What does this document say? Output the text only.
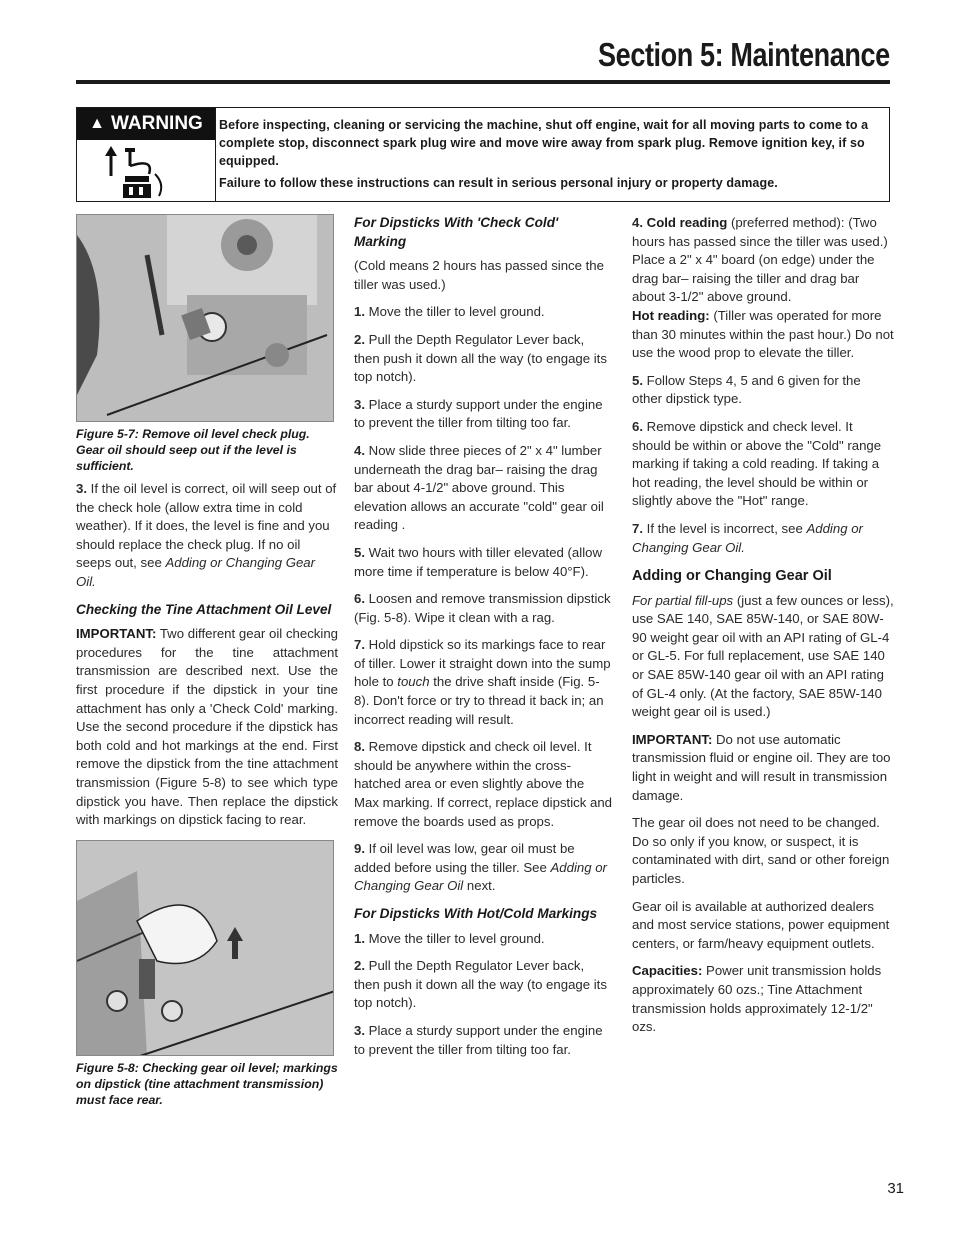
Section 5: Maintenance
▲ WARNING Before inspecting, cleaning or servicing the machine, shut off engine, wait for all moving parts to come to a complete stop, disconnect spark plug wire and move wire away from spark plug. Remove ignition key, if so equipped.

Failure to follow these instructions can result in serious personal injury or property damage.

Figure 5-7: Remove oil level check plug. Gear oil should seep out if the level is sufficient.

3. If the oil level is correct, oil will seep out of the check hole (allow extra time in cold weather). If it does, the level is fine and you should replace the check plug. If no oil seeps out, see Adding or Changing Gear Oil.

Checking the Tine Attachment Oil Level

IMPORTANT: Two different gear oil checking procedures for the tine attachment transmission are described next. Use the first procedure if the dipstick in your tine attachment has only a 'Check Cold' marking. Use the second procedure if the dipstick has both cold and hot markings at the end. First remove the dipstick from the tine attachment transmission (Figure 5-8) to see which type dipstick you have. Then replace the dipstick with markings on dipstick facing to rear.

Figure 5-8: Checking gear oil level; markings on dipstick (tine attachment transmission) must face rear.
For Dipsticks With 'Check Cold' Marking

(Cold means 2 hours has passed since the tiller was used.)

1. Move the tiller to level ground.

2. Pull the Depth Regulator Lever back, then push it down all the way (to engage its top notch).

3. Place a sturdy support under the engine to prevent the tiller from tilting too far.

4. Now slide three pieces of 2" x 4" lumber underneath the drag bar– raising the drag bar about 4-1/2" above ground. This elevation allows an accurate "cold" gear oil reading .

5. Wait two hours with tiller elevated (allow more time if temperature is below 40°F).

6. Loosen and remove transmission dipstick (Fig. 5-8). Wipe it clean with a rag.

7. Hold dipstick so its markings face to rear of tiller. Lower it straight down into the sump hole to touch the drive shaft inside (Fig. 5-8). Don't force or try to thread it back in; an incorrect reading will result.

8. Remove dipstick and check oil level. It should be anywhere within the cross-hatched area or even slightly above the Max marking. If correct, replace dipstick and remove the boards used as props.

9. If oil level was low, gear oil must be added before using the tiller. See Adding or Changing Gear Oil next.

For Dipsticks With Hot/Cold Markings

1. Move the tiller to level ground.

2. Pull the Depth Regulator Lever back, then push it down all the way (to engage its top notch).

3. Place a sturdy support under the engine to prevent the tiller from tilting too far.

4. Cold reading (preferred method): (Two hours has passed since the tiller was used.) Place a 2" x 4" board (on edge) under the drag bar– raising the tiller and drag bar about 3-1/2" above ground.
Hot reading: (Tiller was operated for more than 30 minutes within the past hour.) Do not use the wood prop to elevate the tiller.

5. Follow Steps 4, 5 and 6 given for the other dipstick type.

6. Remove dipstick and check level. It should be within or above the "Cold" range marking if taking a cold reading. If taking a hot reading, the level should be within or slightly above the "Hot" range.

7. If the level is incorrect, see Adding or Changing Gear Oil.

Adding or Changing Gear Oil

For partial fill-ups (just a few ounces or less), use SAE 140, SAE 85W-140, or SAE 80W-90 weight gear oil with an API rating of GL-4 or GL-5. For full replacement, use SAE 140 or SAE 85W-140 gear oil with an API rating of GL-4 only. (At the factory, SAE 85W-140 weight gear oil is used.)

IMPORTANT: Do not use automatic transmission fluid or engine oil. They are too light in weight and will result in transmission damage.

The gear oil does not need to be changed. Do so only if you know, or suspect, it is contaminated with dirt, sand or other foreign particles.

Gear oil is available at authorized dealers and most service stations, power equipment centers, or farm/heavy equipment outlets.

Capacities: Power unit transmission holds approximately 60 ozs.; Tine Attachment transmission holds approximately 12-1/2" ozs.

31
